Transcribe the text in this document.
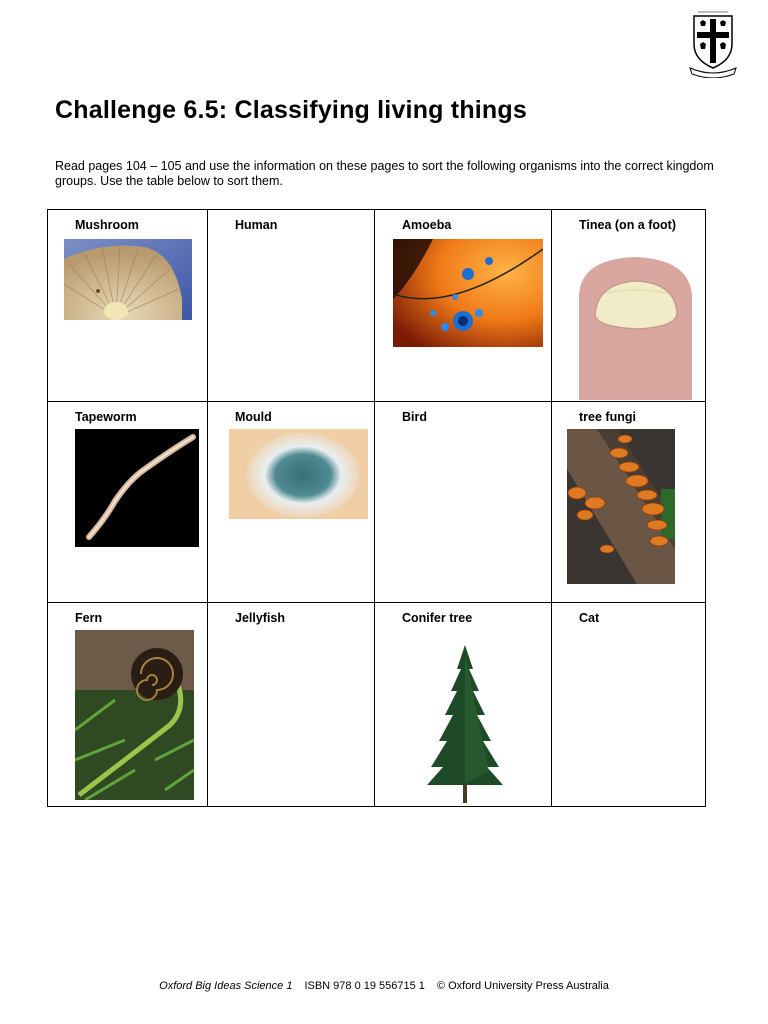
Challenge 6.5: Classifying living things

Read pages 104 – 105 and use the information on these pages to sort the following organisms into the correct kingdom groups. Use the table below to sort them.

Mushroom	Human	Amoeba	Tinea (on a foot)

Tapeworm	Mould	Bird	tree fungi

Fern	Jellyfish	Conifer tree	Cat
Oxford Big Ideas Science 1 ISBN 978 0 19 556715 1 © Oxford University Press Australia
